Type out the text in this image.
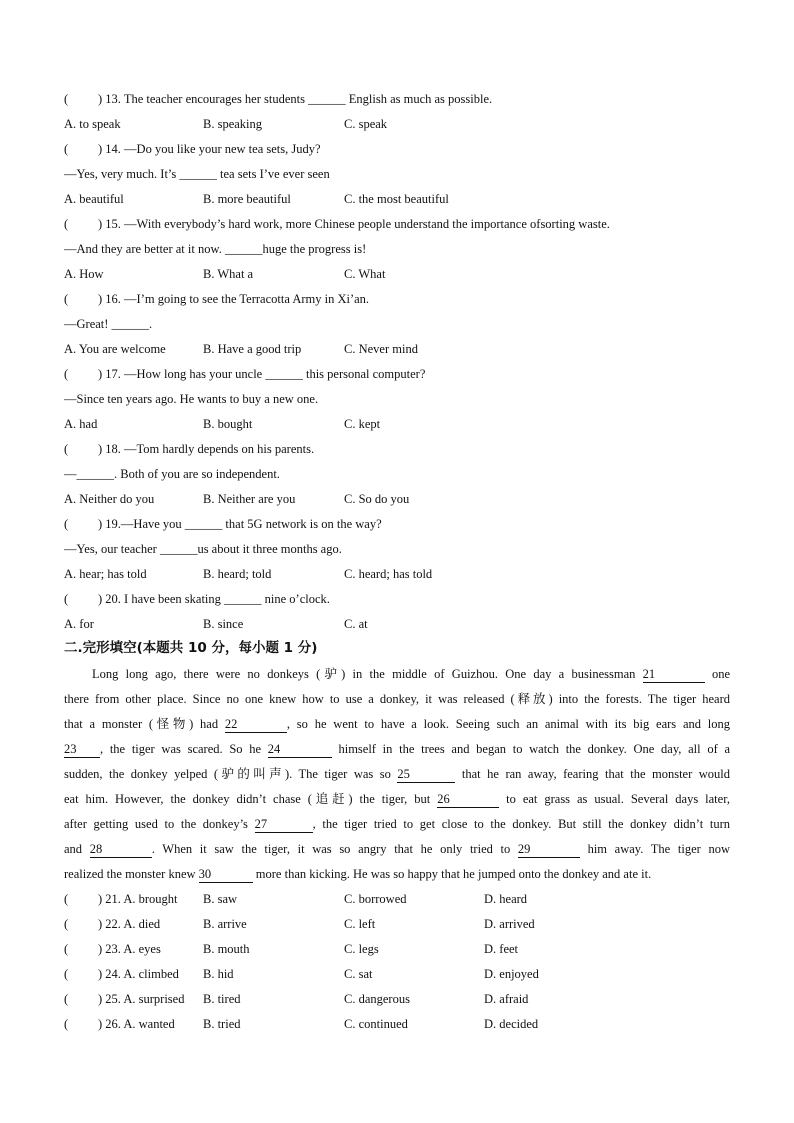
( ) 13. The teacher encourages her students ______ English as much as possible.
A. to speak	B. speaking	C. speak
( ) 14. —Do you like your new tea sets, Judy?
—Yes, very much. It’s ______ tea sets I’ve ever seen
A. beautiful	B. more beautiful	C. the most beautiful
( ) 15. —With everybody’s hard work, more Chinese people understand the importance ofsorting waste.
—And they are better at it now. ______huge the progress is!
A. How	B. What a	C. What
( ) 16. —I’m going to see the Terracotta Army in Xi’an.
—Great! ______.
A. You are welcome	B. Have a good trip	C. Never mind
( ) 17. —How long has your uncle ______ this personal computer?
—Since ten years ago. He wants to buy a new one.
A. had	B. bought	C. kept
( ) 18. —Tom hardly depends on his parents.
—______. Both of you are so independent.
A. Neither do you	B. Neither are you	C. So do you
( ) 19.—Have you ______ that 5G network is on the way?
—Yes, our teacher ______us about it three months ago.
A. hear; has told	B. heard; told	C. heard; has told
( ) 20. I have been skating ______ nine o’clock.
A. for	B. since	C. at
二.完形填空(本题共 10 分，每小题 1 分)
Long long ago, there were no donkeys (驴) in the middle of Guizhou. One day a businessman 21	one
there from other place. Since no one knew how to use a donkey, it was released (释放) into the forests. The tiger heard
that a monster (怪物) had 22	, so he went to have a look. Seeing such an animal with its big ears and long
23 , the tiger was scared. So he 24	himself in the trees and began to watch the donkey. One day, all of a
sudden, the donkey yelped (驴的叫声). The tiger was so 25	that he ran away, fearing that the monster would
eat him. However, the donkey didn’t chase (追赶) the tiger, but 26	to eat grass as usual. Several days later,
after getting used to the donkey’s 27	, the tiger tried to get close to the donkey. But still the donkey didn’t turn
and 28	. When it saw the tiger, it was so angry that he only tried to 29	him away. The tiger now
realized the monster knew 30	more than kicking. He was so happy that he jumped onto the donkey and ate it.
( ) 21. A. brought B. saw	C. borrowed	D. heard
( ) 22. A. died	B. arrive	C. left	D. arrived
( ) 23. A. eyes	B. mouth	C. legs	D. feet
( ) 24. A. climbed B. hid	C. sat	D. enjoyed
( ) 25. A. surprised B. tired	C. dangerous	D. afraid
( ) 26. A. wanted B. tried	C. continued	D. decided
